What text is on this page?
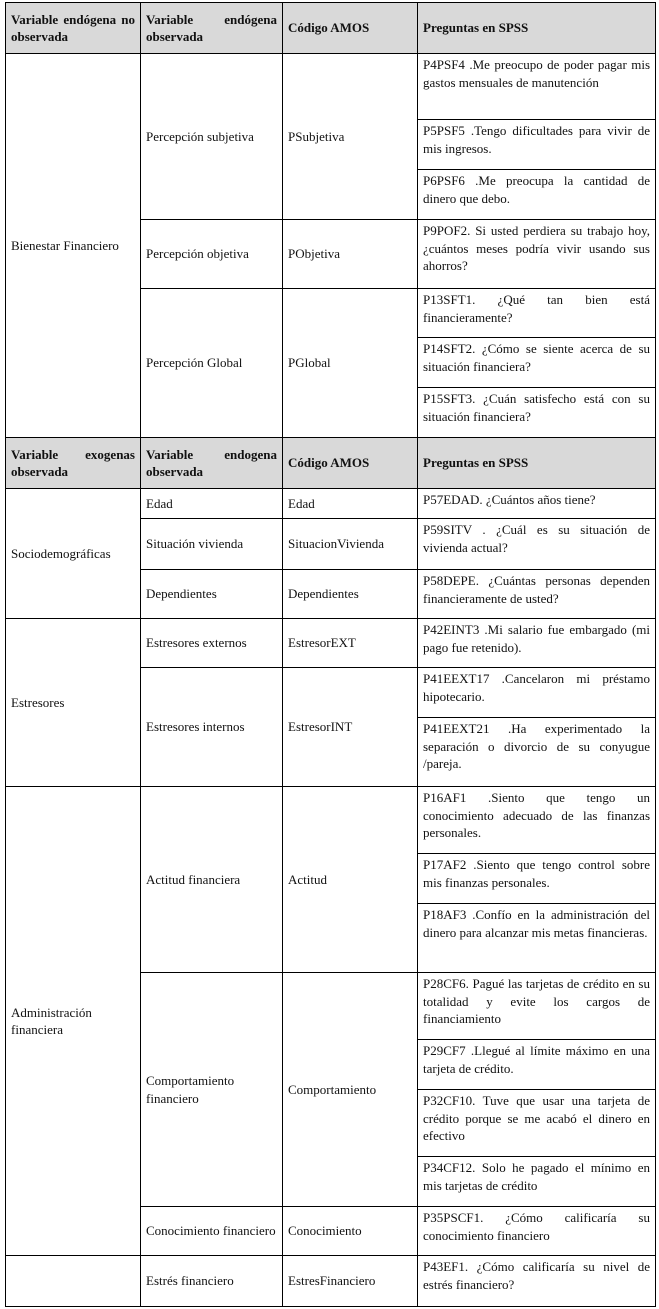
Variable endógena no observada	Variable endógena observada	Código AMOS	Preguntas en SPSS
Bienestar Financiero	Percepción subjetiva	PSubjetiva	P4PSF4 .Me preocupo de poder pagar mis gastos mensuales de manutención
			P5PSF5 .Tengo dificultades para vivir de mis ingresos.
			P6PSF6 .Me preocupa la cantidad de dinero que debo.
	Percepción objetiva	PObjetiva	P9POF2. Si usted perdiera su trabajo hoy, ¿cuántos meses podría vivir usando sus ahorros?
	Percepción Global	PGlobal	P13SFT1. ¿Qué tan bien está financieramente?
			P14SFT2. ¿Cómo se siente acerca de su situación financiera?
			P15SFT3. ¿Cuán satisfecho está con su situación financiera?
Variable exogenas observada	Variable endogena observada	Código AMOS	Preguntas en SPSS
Sociodemográficas	Edad	Edad	P57EDAD. ¿Cuántos años tiene?
	Situación vivienda	SituacionVivienda	P59SITV . ¿Cuál es su situación de vivienda actual?
	Dependientes	Dependientes	P58DEPE. ¿Cuántas personas dependen financieramente de usted?
Estresores	Estresores externos	EstresorEXT	P42EINT3 .Mi salario fue embargado (mi pago fue retenido).
	Estresores internos	EstresorINT	P41EEXT17 .Cancelaron mi préstamo hipotecario.
			P41EEXT21 .Ha experimentado la separación o divorcio de su conyugue /pareja.
Administración financiera	Actitud financiera	Actitud	P16AF1 .Siento que tengo un conocimiento adecuado de las finanzas personales.
			P17AF2 .Siento que tengo control sobre mis finanzas personales.
			P18AF3 .Confío en la administración del dinero para alcanzar mis metas financieras.
	Comportamiento financiero	Comportamiento	P28CF6. Pagué las tarjetas de crédito en su totalidad y evite los cargos de financiamiento
			P29CF7 .Llegué al límite máximo en una tarjeta de crédito.
			P32CF10. Tuve que usar una tarjeta de crédito porque se me acabó el dinero en efectivo
			P34CF12. Solo he pagado el mínimo en mis tarjetas de crédito
	Conocimiento financiero	Conocimiento	P35PSCF1. ¿Cómo calificaría su conocimiento financiero
	Estrés financiero	EstresFinanciero	P43EF1. ¿Cómo calificaría su nivel de estrés financiero?
